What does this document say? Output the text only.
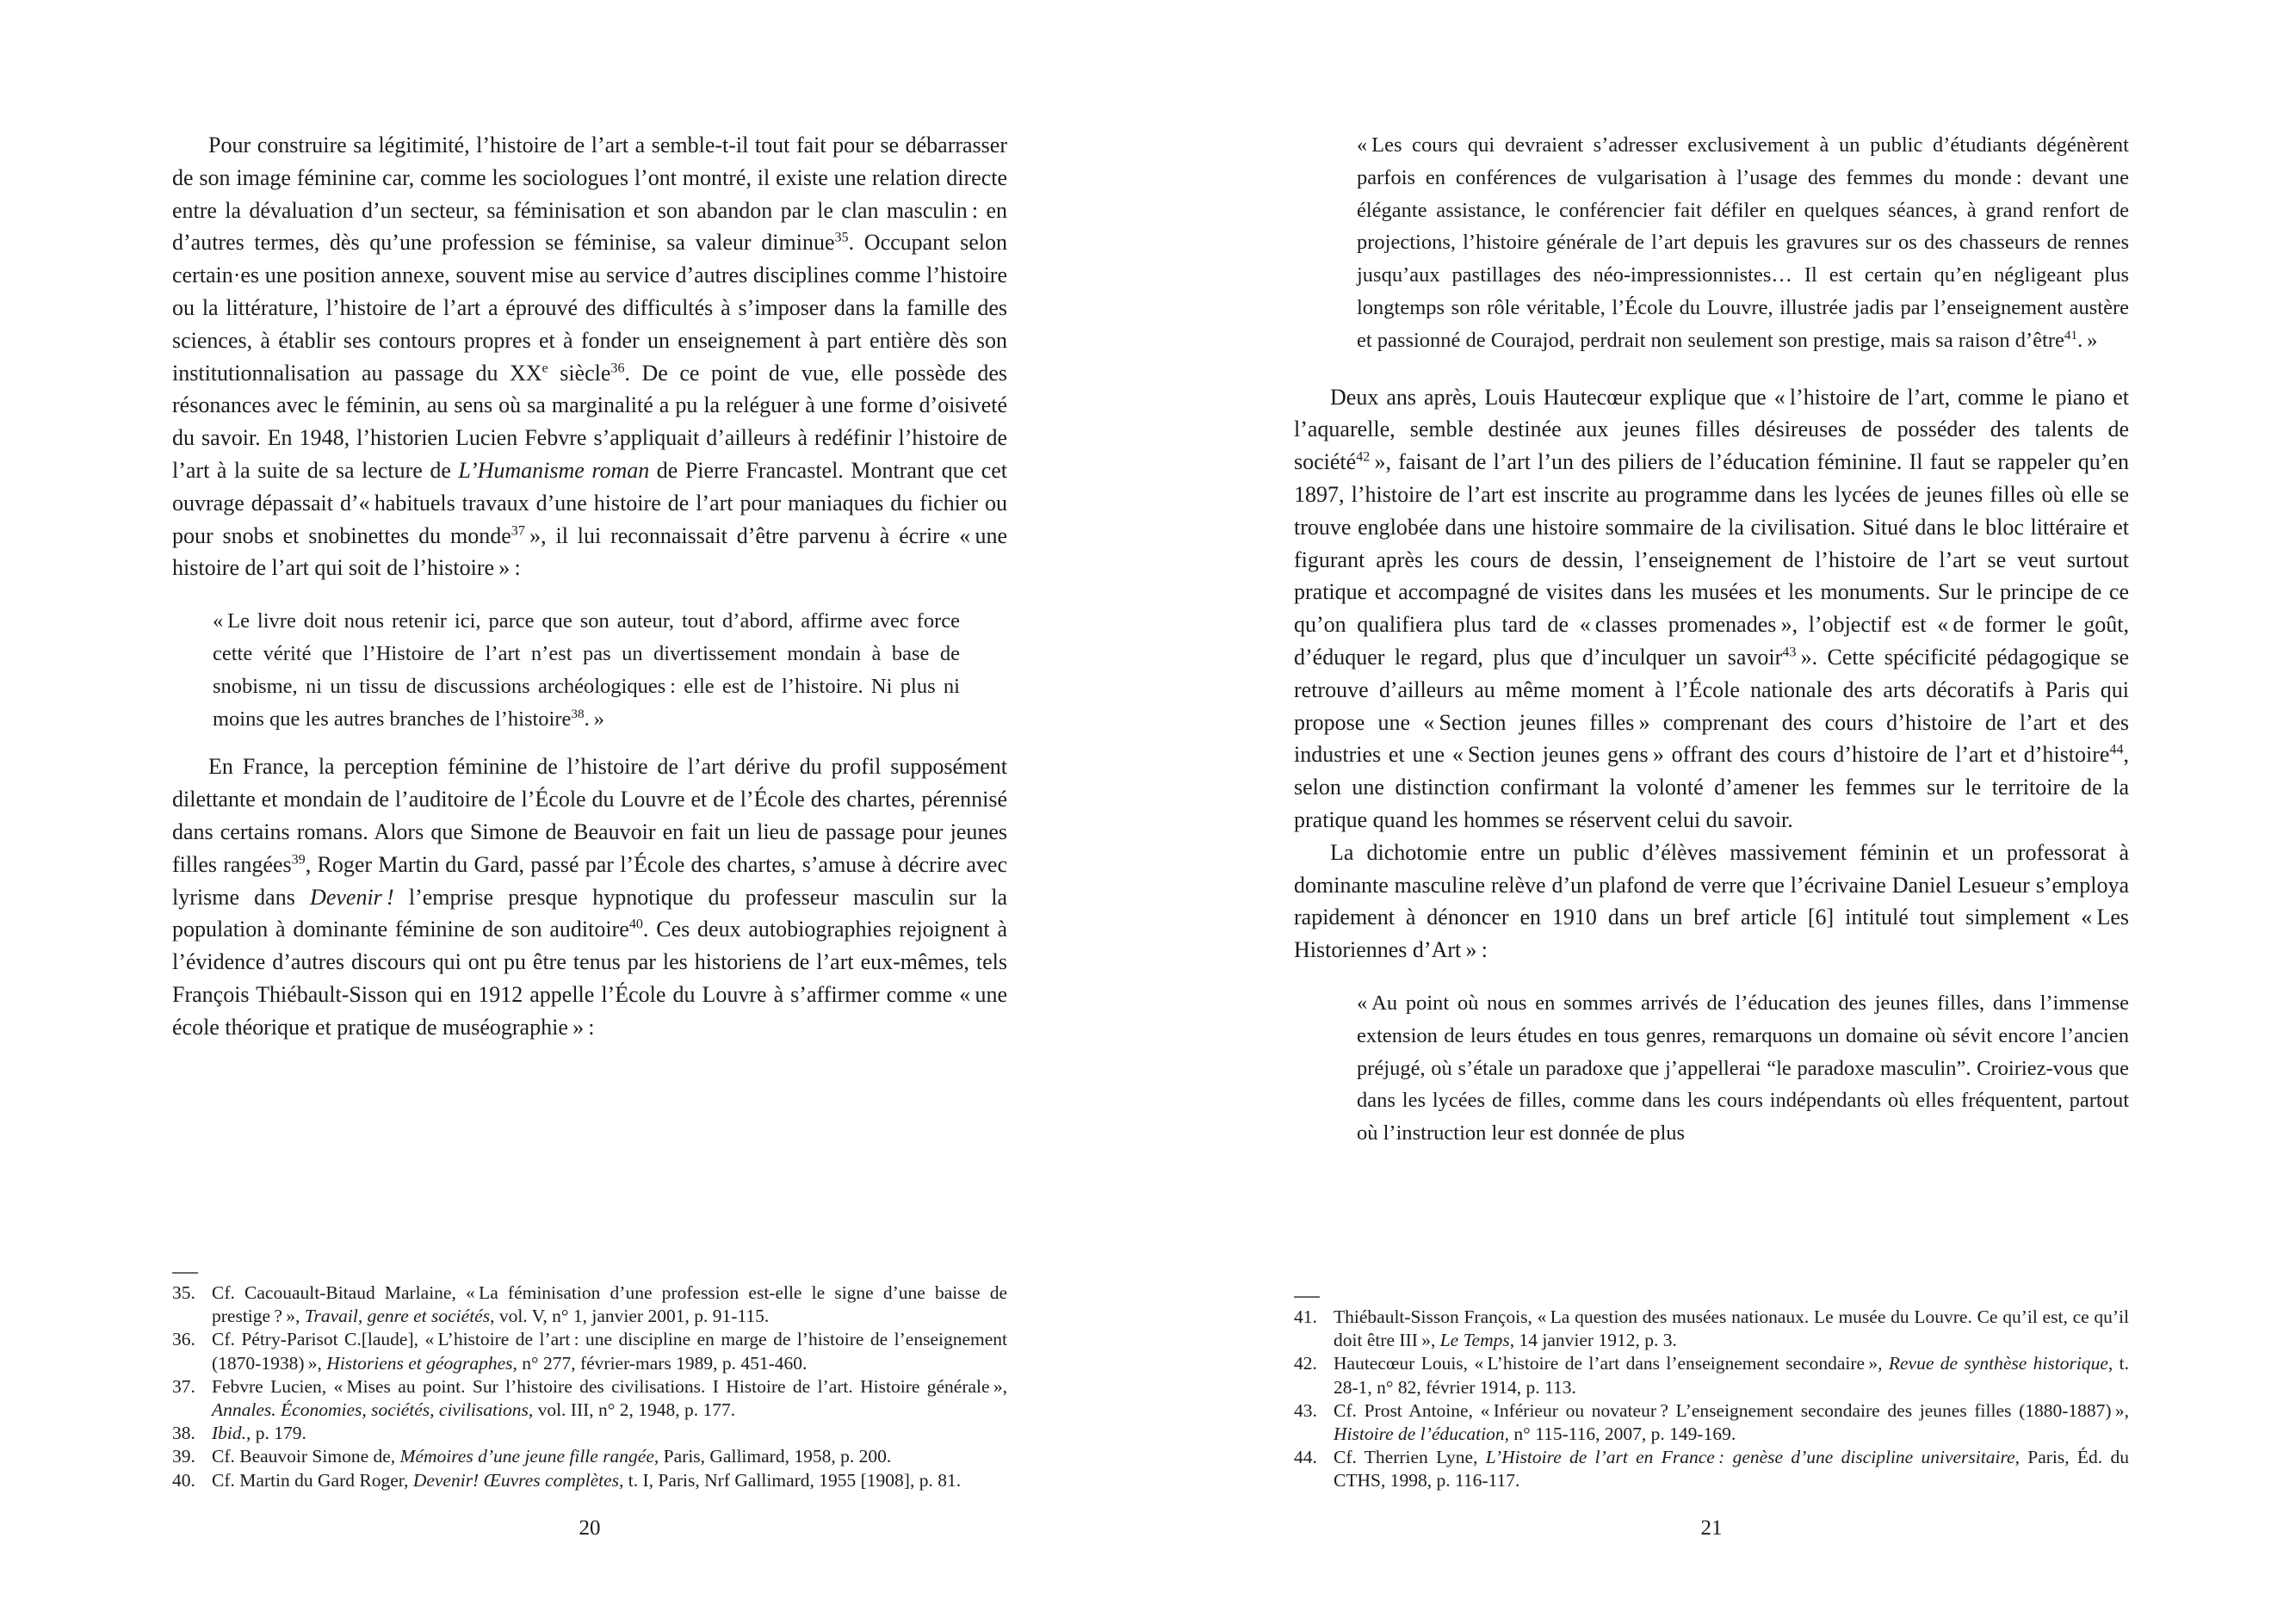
Pour construire sa légitimité, l’histoire de l’art a semble-t-il tout fait pour se débarrasser de son image féminine car, comme les sociologues l’ont montré, il existe une relation directe entre la dévaluation d’un secteur, sa féminisation et son abandon par le clan masculin : en d’autres termes, dès qu’une profession se féminise, sa valeur diminue$^{35}$. Occupant selon certain·es une position annexe, souvent mise au service d’autres disciplines comme l’histoire ou la littérature, l’histoire de l’art a éprouvé des difficultés à s’imposer dans la famille des sciences, à établir ses contours propres et à fonder un enseignement à part entière dès son institutionnalisation au passage du XXe siècle$^{36}$. De ce point de vue, elle possède des résonances avec le féminin, au sens où sa marginalité a pu la reléguer à une forme d’oisiveté du savoir. En 1948, l’historien Lucien Febvre s’appliquait d’ailleurs à redéfinir l’histoire de l’art à la suite de sa lecture de L’Humanisme roman de Pierre Francastel. Montrant que cet ouvrage dépassait d’« habituels travaux d’une histoire de l’art pour maniaques du fichier ou pour snobs et snobinettes du monde$^{37}$ », il lui reconnaissait d’être parvenu à écrire « une histoire de l’art qui soit de l’histoire » :

« Le livre doit nous retenir ici, parce que son auteur, tout d’abord, affirme avec force cette vérité que l’Histoire de l’art n’est pas un divertissement mondain à base de snobisme, ni un tissu de discussions archéologiques : elle est de l’histoire. Ni plus ni moins que les autres branches de l’histoire$^{38}$. »

En France, la perception féminine de l’histoire de l’art dérive du profil supposément dilettante et mondain de l’auditoire de l’École du Louvre et de l’École des chartes, pérennisé dans certains romans. Alors que Simone de Beauvoir en fait un lieu de passage pour jeunes filles rangées$^{39}$, Roger Martin du Gard, passé par l’École des chartes, s’amuse à décrire avec lyrisme dans Devenir ! l’emprise presque hypnotique du professeur masculin sur la population à dominante féminine de son auditoire$^{40}$. Ces deux autobiographies rejoignent à l’évidence d’autres discours qui ont pu être tenus par les historiens de l’art eux-mêmes, tels François Thiébault-Sisson qui en 1912 appelle l’École du Louvre à s’affirmer comme « une école théorique et pratique de muséographie » :

35. Cf. Cacouault-Bitaud Marlaine, « La féminisation d’une profession est-elle le signe d’une baisse de prestige ? », Travail, genre et sociétés, vol. V, n° 1, janvier 2001, p. 91-115.
36. Cf. Pétry-Parisot C.[laude], « L’histoire de l’art : une discipline en marge de l’histoire de l’enseignement (1870-1938) », Historiens et géographes, n° 277, février-mars 1989, p. 451-460.
37. Febvre Lucien, « Mises au point. Sur l’histoire des civilisations. I Histoire de l’art. Histoire générale », Annales. Économies, sociétés, civilisations, vol. III, n° 2, 1948, p. 177.
38. Ibid., p. 179.
39. Cf. Beauvoir Simone de, Mémoires d’une jeune fille rangée, Paris, Gallimard, 1958, p. 200.
40. Cf. Martin du Gard Roger, Devenir! Œuvres complètes, t. I, Paris, Nrf Gallimard, 1955 [1908], p. 81.
20
« Les cours qui devraient s’adresser exclusivement à un public d’étudiants dégénèrent parfois en conférences de vulgarisation à l’usage des femmes du monde : devant une élégante assistance, le conférencier fait défiler en quelques séances, à grand renfort de projections, l’histoire générale de l’art depuis les gravures sur os des chasseurs de rennes jusqu’aux pastillages des néo-impressionnistes… Il est certain qu’en négligeant plus longtemps son rôle véritable, l’École du Louvre, illustrée jadis par l’enseignement austère et passionné de Courajod, perdrait non seulement son prestige, mais sa raison d’être$^{41}$. »

Deux ans après, Louis Hautecœur explique que « l’histoire de l’art, comme le piano et l’aquarelle, semble destinée aux jeunes filles désireuses de posséder des talents de société$^{42}$ », faisant de l’art l’un des piliers de l’éducation féminine. Il faut se rappeler qu’en 1897, l’histoire de l’art est inscrite au programme dans les lycées de jeunes filles où elle se trouve englobée dans une histoire sommaire de la civilisation. Situé dans le bloc littéraire et figurant après les cours de dessin, l’enseignement de l’histoire de l’art se veut surtout pratique et accompagné de visites dans les musées et les monuments. Sur le principe de ce qu’on qualifiera plus tard de « classes promenades », l’objectif est « de former le goût, d’éduquer le regard, plus que d’inculquer un savoir$^{43}$ ». Cette spécificité pédagogique se retrouve d’ailleurs au même moment à l’École nationale des arts décoratifs à Paris qui propose une « Section jeunes filles » comprenant des cours d’histoire de l’art et des industries et une « Section jeunes gens » offrant des cours d’histoire de l’art et d’histoire$^{44}$, selon une distinction confirmant la volonté d’amener les femmes sur le territoire de la pratique quand les hommes se réservent celui du savoir.

La dichotomie entre un public d’élèves massivement féminin et un professorat à dominante masculine relève d’un plafond de verre que l’écrivaine Daniel Lesueur s’employa rapidement à dénoncer en 1910 dans un bref article [6] intitulé tout simplement « Les Historiennes d’Art » :

« Au point où nous en sommes arrivés de l’éducation des jeunes filles, dans l’immense extension de leurs études en tous genres, remarquons un domaine où sévit encore l’ancien préjugé, où s’étale un paradoxe que j’appellerai “le paradoxe masculin”. Croiriez-vous que dans les lycées de filles, comme dans les cours indépendants où elles fréquentent, partout où l’instruction leur est donnée de plus
41. Thiébault-Sisson François, « La question des musées nationaux. Le musée du Louvre. Ce qu’il est, ce qu’il doit être III », Le Temps, 14 janvier 1912, p. 3.
42. Hautecœur Louis, « L’histoire de l’art dans l’enseignement secondaire », Revue de synthèse historique, t. 28-1, n° 82, février 1914, p. 113.
43. Cf. Prost Antoine, « Inférieur ou novateur ? L’enseignement secondaire des jeunes filles (1880-1887) », Histoire de l’éducation, n° 115-116, 2007, p. 149-169.
44. Cf. Therrien Lyne, L’Histoire de l’art en France : genèse d’une discipline universitaire, Paris, Éd. du CTHS, 1998, p. 116-117.
21
